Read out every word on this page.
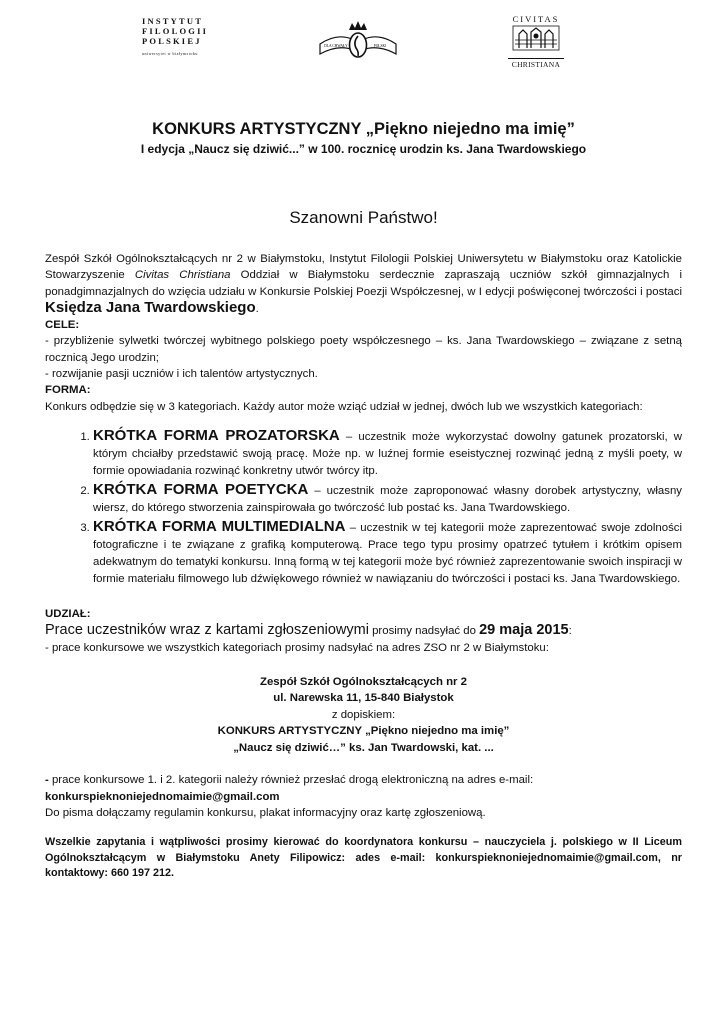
INSTYTUT
FILOLOGII
POLSKIEJ
uniwersytet w białymstoku
DLA CHWAŁY	POLSKI
CIVITAS
CHRISTIANA
KONKURS ARTYSTYCZNY „Piękno niejedno ma imię”
I edycja „Naucz się dziwić...” w 100. rocznicę urodzin ks. Jana Twardowskiego
Szanowni Państwo!

Zespół Szkół Ogólnokształcących nr 2 w Białymstoku, Instytut Filologii Polskiej Uniwersytetu w Białymstoku oraz Katolickie Stowarzyszenie Civitas Christiana Oddział w Białymstoku serdecznie zapraszają uczniów szkół gimnazjalnych i ponadgimnazjalnych do wzięcia udziału w Konkursie Polskiej Poezji Współczesnej, w I edycji poświęconej twórczości i postaci Księdza Jana Twardowskiego.

CELE:

- przybliżenie sylwetki twórczej wybitnego polskiego poety współczesnego – ks. Jana Twardowskiego – związane z setną rocznicą Jego urodzin;

- rozwijanie pasji uczniów i ich talentów artystycznych.

FORMA:

Konkurs odbędzie się w 3 kategoriach. Każdy autor może wziąć udział w jednej, dwóch lub we wszystkich kategoriach:

1. KRÓTKA FORMA PROZATORSKA – uczestnik może wykorzystać dowolny gatunek prozatorski, w którym chciałby przedstawić swoją pracę. Może np. w luźnej formie eseistycznej rozwinąć jedną z myśli poety, w formie opowiadania rozwinąć konkretny utwór twórcy itp.
2. KRÓTKA FORMA POETYCKA – uczestnik może zaproponować własny dorobek artystyczny, własny wiersz, do którego stworzenia zainspirowała go twórczość lub postać ks. Jana Twardowskiego.
3. KRÓTKA FORMA MULTIMEDIALNA – uczestnik w tej kategorii może zaprezentować swoje zdolności fotograficzne i te związane z grafiką komputerową. Prace tego typu prosimy opatrzeć tytułem i krótkim opisem adekwatnym do tematyki konkursu. Inną formą w tej kategorii może być również zaprezentowanie swoich inspiracji w formie materiału filmowego lub dźwiękowego również w nawiązaniu do twórczości i postaci ks. Jana Twardowskiego.
UDZIAŁ:

Prace uczestników wraz z kartami zgłoszeniowymi prosimy nadsyłać do 29 maja 2015:

- prace konkursowe we wszystkich kategoriach prosimy nadsyłać na adres ZSO nr 2 w Białymstoku:

Zespół Szkół Ogólnokształcących nr 2
ul. Narewska 11, 15-840 Białystok
z dopiskiem:
KONKURS ARTYSTYCZNY „Piękno niejedno ma imię”
„Naucz się dziwić…” ks. Jan Twardowski, kat. ...

- prace konkursowe 1. i 2. kategorii należy również przesłać drogą elektroniczną na adres e-mail:

konkurspieknoniejednomaimie@gmail.com

Do pisma dołączamy regulamin konkursu, plakat informacyjny oraz kartę zgłoszeniową.

Wszelkie zapytania i wątpliwości prosimy kierować do koordynatora konkursu – nauczyciela j. polskiego w II Liceum Ogólnokształcącym w Białymstoku Anety Filipowicz: ades e-mail: konkurspieknoniejednomaimie@gmail.com, nr kontaktowy: 660 197 212.
